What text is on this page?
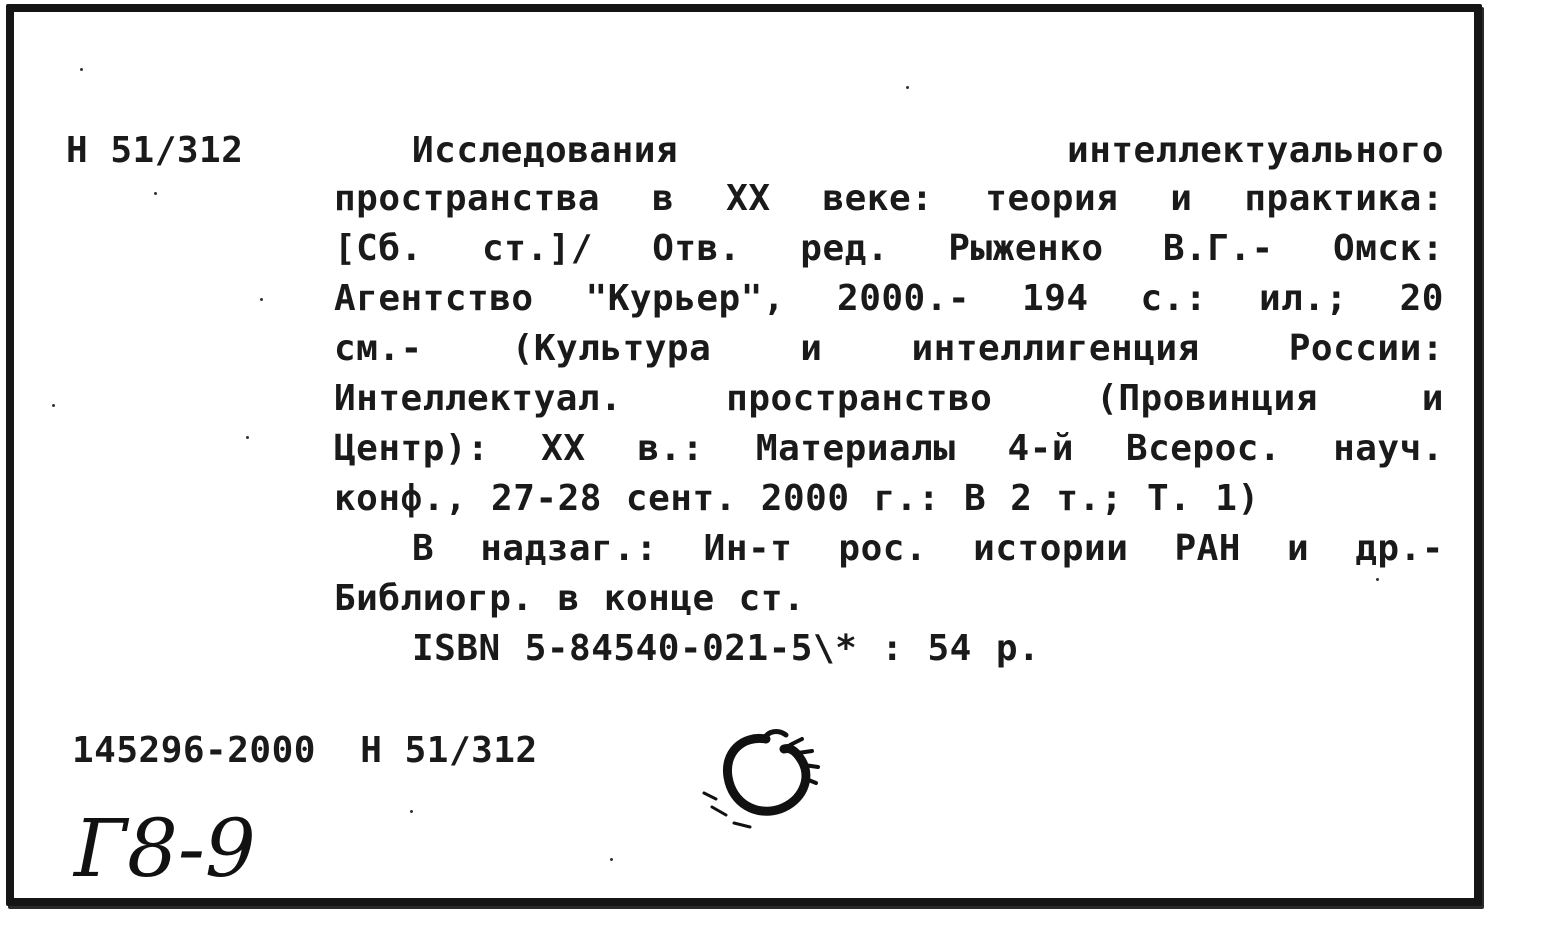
Н 51/312	Исследования	интеллектуального
пространства в XX веке: теория и практика:
[Сб. ст.]/ Отв. ред. Рыженко В.Г.- Омск:
Агентство "Курьер", 2000.- 194 с.: ил.; 20
см.- (Культура и интеллигенция России:
Интеллектуал.	пространство	(Провинция	и
Центр): XX в.: Материалы 4-й Всерос. науч.
конф., 27-28 сент. 2000 г.: В 2 т.; Т. 1)
В надзаг.: Ин-т рос. истории РАН и др.-
Библиогр. в конце ст.
ISBN 5-84540-021-5\* : 54 р.
145296-2000  Н 51/312
Г8-9
